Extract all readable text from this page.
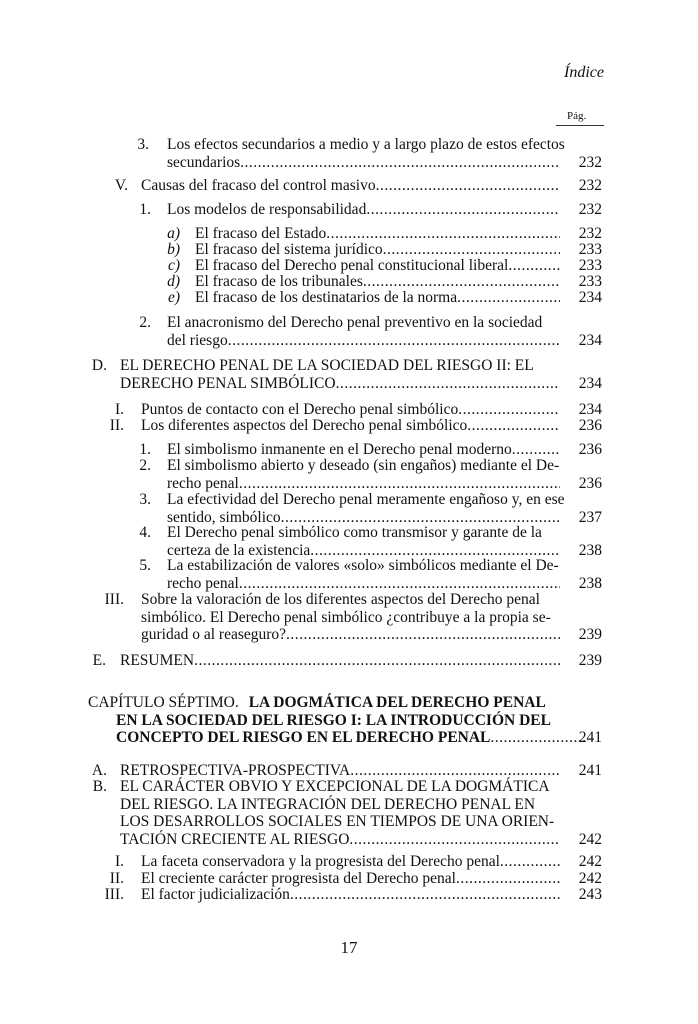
Índice
Pág.
3. Los efectos secundarios a medio y a largo plazo de estos efectos
secundarios .....	232
V. Causas del fracaso del control masivo .....	232
1. Los modelos de responsabilidad .....	232
a) El fracaso del Estado .....	232
b) El fracaso del sistema jurídico .....	233
c) El fracaso del Derecho penal constitucional liberal .....	233
d) El fracaso de los tribunales .....	233
e) El fracaso de los destinatarios de la norma .....	234
2. El anacronismo del Derecho penal preventivo en la sociedad
del riesgo .....	234
D. EL DERECHO PENAL DE LA SOCIEDAD DEL RIESGO II: EL
DERECHO PENAL SIMBÓLICO .....	234
I. Puntos de contacto con el Derecho penal simbólico .....	234
II. Los diferentes aspectos del Derecho penal simbólico .....	236
1. El simbolismo inmanente en el Derecho penal moderno .....	236
2. El simbolismo abierto y deseado (sin engaños) mediante el De-
recho penal .....	236
3. La efectividad del Derecho penal meramente engañoso y, en ese
sentido, simbólico .....	237
4. El Derecho penal simbólico como transmisor y garante de la
certeza de la existencia .....	238
5. La estabilización de valores «solo» simbólicos mediante el De-
recho penal .....	238
III. Sobre la valoración de los diferentes aspectos del Derecho penal
simbólico. El Derecho penal simbólico ¿contribuye a la propia se-
guridad o al reaseguro? .....	239
E. RESUMEN .....	239
CAPÍTULO SÉPTIMO. LA DOGMÁTICA DEL DERECHO PENAL
EN LA SOCIEDAD DEL RIESGO I: LA INTRODUCCIÓN DEL
CONCEPTO DEL RIESGO EN EL DERECHO PENAL .....	241
A. RETROSPECTIVA-PROSPECTIVA .....	241
B. EL CARÁCTER OBVIO Y EXCEPCIONAL DE LA DOGMÁTICA
DEL RIESGO. LA INTEGRACIÓN DEL DERECHO PENAL EN
LOS DESARROLLOS SOCIALES EN TIEMPOS DE UNA ORIEN-
TACIÓN CRECIENTE AL RIESGO .....	242
I. La faceta conservadora y la progresista del Derecho penal .....	242
II. El creciente carácter progresista del Derecho penal .....	242
III. El factor judicialización .....	243
17
